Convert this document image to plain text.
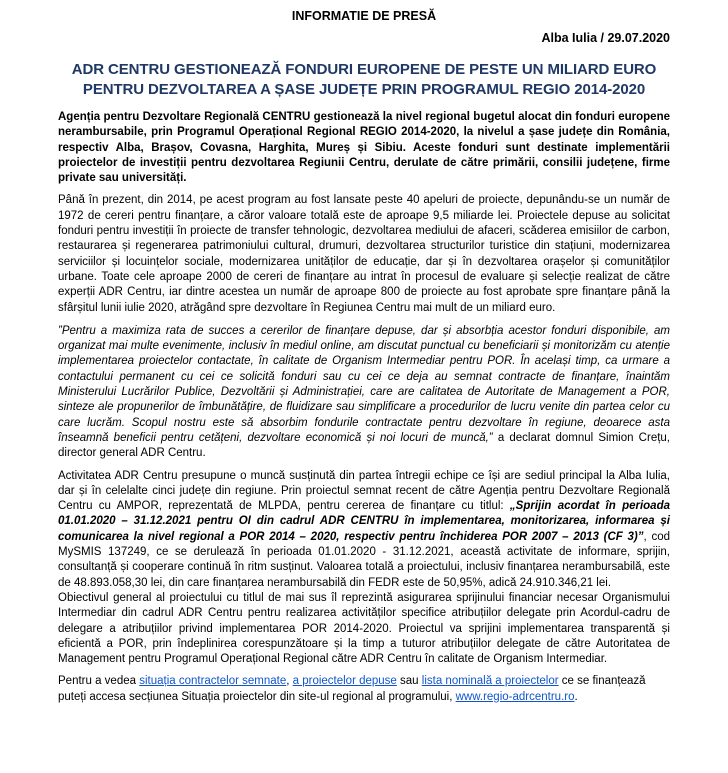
INFORMATIE DE PRESĂ

Alba Iulia / 29.07.2020

ADR CENTRU GESTIONEAZĂ FONDURI EUROPENE DE PESTE UN MILIARD EURO PENTRU DEZVOLTAREA A ȘASE JUDEȚE PRIN PROGRAMUL REGIO 2014-2020

Agenția pentru Dezvoltare Regională CENTRU gestionează la nivel regional bugetul alocat din fonduri europene nerambursabile, prin Programul Operațional Regional REGIO 2014-2020, la nivelul a șase județe din România, respectiv Alba, Brașov, Covasna, Harghita, Mureș și Sibiu. Aceste fonduri sunt destinate implementării proiectelor de investiții pentru dezvoltarea Regiunii Centru, derulate de către primării, consilii județene, firme private sau universități.

Până în prezent, din 2014, pe acest program au fost lansate peste 40 apeluri de proiecte, depunându-se un număr de 1972 de cereri pentru finanțare, a căror valoare totală este de aproape 9,5 miliarde lei. Proiectele depuse au solicitat fonduri pentru investiții în proiecte de transfer tehnologic, dezvoltarea mediului de afaceri, scăderea emisiilor de carbon, restaurarea și regenerarea patrimoniului cultural, drumuri, dezvoltarea structurilor turistice din stațiuni, modernizarea serviciilor și locuințelor sociale, modernizarea unităților de educație, dar și în dezvoltarea orașelor și comunităților urbane. Toate cele aproape 2000 de cereri de finanțare au intrat în procesul de evaluare și selecție realizat de către experții ADR Centru, iar dintre acestea un număr de aproape 800 de proiecte au fost aprobate spre finanțare până la sfârșitul lunii iulie 2020, atrăgând spre dezvoltare în Regiunea Centru mai mult de un miliard euro.

”Pentru a maximiza rata de succes a cererilor de finanțare depuse, dar și absorbția acestor fonduri disponibile, am organizat mai multe evenimente, inclusiv în mediul online, am discutat punctual cu beneficiarii și monitorizăm cu atenție implementarea proiectelor contactate, în calitate de Organism Intermediar pentru POR. În același timp, ca urmare a contactului permanent cu cei ce solicită fonduri sau cu cei ce deja au semnat contracte de finanțare, înaintăm Ministerului Lucrărilor Publice, Dezvoltării și Administrației, care are calitatea de Autoritate de Management a POR, sinteze ale propunerilor de îmbunătățire, de fluidizare sau simplificare a procedurilor de lucru venite din partea celor cu care lucrăm. Scopul nostru este să absorbim fondurile contractate pentru dezvoltare în regiune, deoarece asta înseamnă beneficii pentru cetățeni, dezvoltare economică și noi locuri de muncă,” a declarat domnul Simion Crețu, director general ADR Centru.

Activitatea ADR Centru presupune o muncă susținută din partea întregii echipe ce își are sediul principal la Alba Iulia, dar și în celelalte cinci județe din regiune. Prin proiectul semnat recent de către Agenția pentru Dezvoltare Regională Centru cu AMPOR, reprezentată de MLPDA, pentru cererea de finanțare cu titlul: „Sprijin acordat în perioada 01.01.2020 – 31.12.2021 pentru OI din cadrul ADR CENTRU în implementarea, monitorizarea, informarea și comunicarea la nivel regional a POR 2014 – 2020, respectiv pentru închiderea POR 2007 – 2013 (CF 3)”, cod MySMIS 137249, ce se derulează în perioada 01.01.2020 - 31.12.2021, această activitate de informare, sprijin, consultanță și cooperare continuă în ritm susținut. Valoarea totală a proiectului, inclusiv finanțarea nerambursabilă, este de 48.893.058,30 lei, din care finanțarea nerambursabilă din FEDR este de 50,95%, adică 24.910.346,21 lei.

Obiectivul general al proiectului cu titlul de mai sus îl reprezintă asigurarea sprijinului financiar necesar Organismului Intermediar din cadrul ADR Centru pentru realizarea activităților specifice atribuțiilor delegate prin Acordul-cadru de delegare a atribuțiilor privind implementarea POR 2014-2020. Proiectul va sprijini implementarea transparentă și eficientă a POR, prin îndeplinirea corespunzătoare și la timp a tuturor atribuțiilor delegate de către Autoritatea de Management pentru Programul Operațional Regional către ADR Centru în calitate de Organism Intermediar.

Pentru a vedea situația contractelor semnate, a proiectelor depuse sau lista nominală a proiectelor ce se finanțează puteți accesa secțiunea Situația proiectelor din site-ul regional al programului, www.regio-adrcentru.ro.
